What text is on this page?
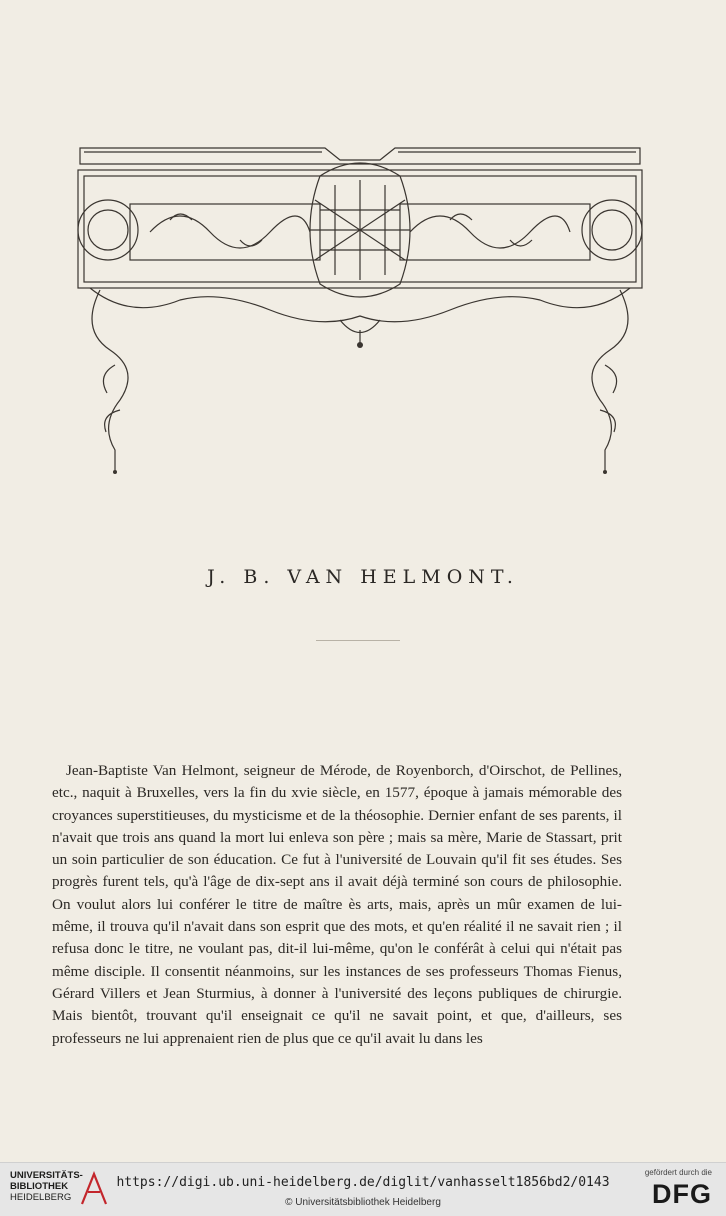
J. B. VAN HELMONT.
Jean-Baptiste Van Helmont, seigneur de Mérode, de Royenborch, d'Oirschot, de Pellines, etc., naquit à Bruxelles, vers la fin du xvie siècle, en 1577, époque à jamais mémorable des croyances superstitieuses, du mysticisme et de la théosophie. Dernier enfant de ses parents, il n'avait que trois ans quand la mort lui enleva son père ; mais sa mère, Marie de Stassart, prit un soin particulier de son éducation. Ce fut à l'université de Louvain qu'il fit ses études. Ses progrès furent tels, qu'à l'âge de dix-sept ans il avait déjà terminé son cours de philosophie. On voulut alors lui conférer le titre de maître ès arts, mais, après un mûr examen de lui-même, il trouva qu'il n'avait dans son esprit que des mots, et qu'en réalité il ne savait rien ; il refusa donc le titre, ne voulant pas, dit-il lui-même, qu'on le conférât à celui qui n'était pas même disciple. Il consentit néanmoins, sur les instances de ses professeurs Thomas Fienus, Gérard Villers et Jean Sturmius, à donner à l'université des leçons publiques de chirurgie. Mais bientôt, trouvant qu'il enseignait ce qu'il ne savait point, et que, d'ailleurs, ses professeurs ne lui apprenaient rien de plus que ce qu'il avait lu dans les
UNIVERSITÄTS-
BIBLIOTHEK
HEIDELBERG
https://digi.ub.uni-heidelberg.de/diglit/vanhasselt1856bd2/0143
© Universitätsbibliothek Heidelberg
gefördert durch die
DFG
